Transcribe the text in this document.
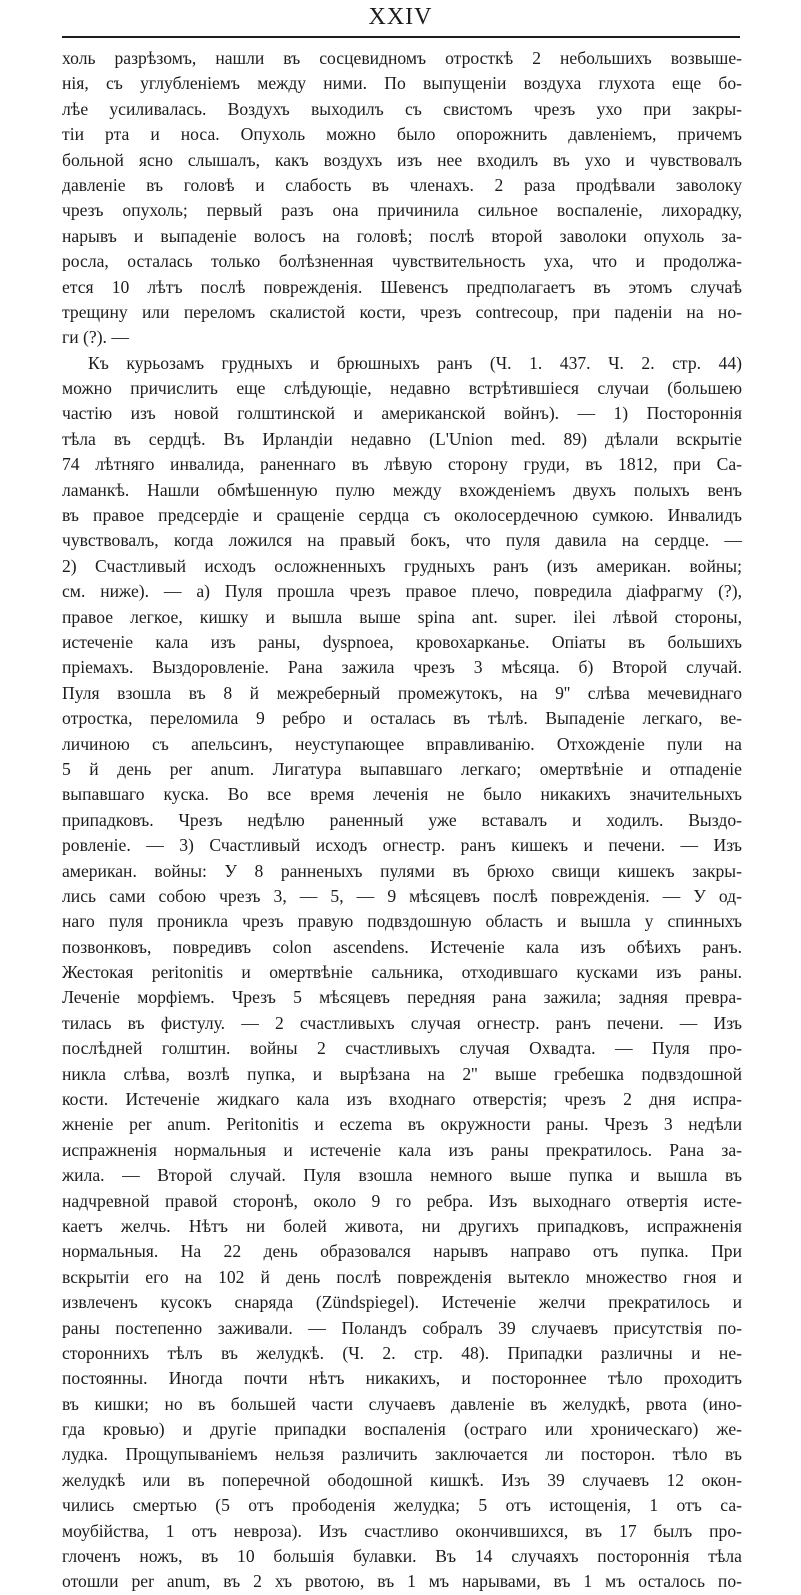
XXIV
холь разрѣзомъ, нашли въ сосцевидномъ отросткѣ 2 небольшихъ возвыше-
нія, съ углубленіемъ между ними. По выпущеніи воздуха глухота еще бо-
лѣе усиливалась. Воздухъ выходилъ съ свистомъ чрезъ ухо при закры-
тіи рта и носа. Опухоль можно было опорожнить давленіемъ, причемъ
больной ясно слышалъ, какъ воздухъ изъ нее входилъ въ ухо и чувствовалъ
давленіе въ головѣ и слабость въ членахъ. 2 раза продѣвали заволоку
чрезъ опухоль; первый разъ она причинила сильное воспаленіе, лихорадку,
нарывъ и выпаденіе волосъ на головѣ; послѣ второй заволоки опухоль за-
росла, осталась только болѣзненная чувствительность уха, что и продолжа-
ется 10 лѣтъ послѣ поврежденія. Шевенсъ предполагаетъ въ этомъ случаѣ
трещину или переломъ скалистой кости, чрезъ contrecoup, при паденіи на но-
ги (?). —
Къ курьозамъ грудныхъ и брюшныхъ ранъ (Ч. 1. 437. Ч. 2. стр. 44)
можно причислить еще слѣдующіе, недавно встрѣтившіеся случаи (большею
частію изъ новой голштинской и американской войнъ). — 1) Постороннія
тѣла въ сердцѣ. Въ Ирландіи недавно (L'Union med. 89) дѣлали вскрытіе
74 лѣтняго инвалида, раненнаго въ лѣвую сторону груди, въ 1812, при Са-
ламанкѣ. Нашли обмѣшенную пулю между вхожденіемъ двухъ полыхъ венъ
въ правое предсердіе и сращеніе сердца съ околосердечною сумкою. Инвалидъ
чувствовалъ, когда ложился на правый бокъ, что пуля давила на сердце. —
2) Счастливый исходъ осложненныхъ грудныхъ ранъ (изъ американ. войны;
см. ниже). — а) Пуля прошла чрезъ правое плечо, повредила діафрагму (?),
правое легкое, кишку и вышла выше spina ant. super. ilei лѣвой стороны,
истеченіе кала изъ раны, dyspnoea, кровохарканье. Опіаты въ большихъ
пріемахъ. Выздоровленіе. Рана зажила чрезъ 3 мѣсяца. б) Второй случай.
Пуля взошла въ 8 й межреберный промежутокъ, на 9'' слѣва мечевиднаго
отростка, переломила 9 ребро и осталась въ тѣлѣ. Выпаденіе легкаго, ве-
личиною съ апельсинъ, неуступающее вправливанію. Отхожденіе пули на
5 й день per anum. Лигатура выпавшаго легкаго; омертвѣніе и отпаденіе
выпавшаго куска. Во все время леченія не было никакихъ значительныхъ
припадковъ. Чрезъ недѣлю раненный уже вставалъ и ходилъ. Выздо-
ровленіе. — 3) Счастливый исходъ огнестр. ранъ кишекъ и печени. — Изъ
американ. войны: У 8 ранненыхъ пулями въ брюхо свищи кишекъ закры-
лись сами собою чрезъ 3, — 5, — 9 мѣсяцевъ послѣ поврежденія. — У од-
наго пуля проникла чрезъ правую подвздошную область и вышла у спинныхъ
позвонковъ, повредивъ colon ascendens. Истеченіе кала изъ обѣихъ ранъ.
Жестокая peritonitis и омертвѣніе сальника, отходившаго кусками изъ раны.
Леченіе морфіемъ. Чрезъ 5 мѣсяцевъ передняя рана зажила; задняя превра-
тилась въ фистулу. — 2 счастливыхъ случая огнестр. ранъ печени. — Изъ
послѣдней голштин. войны 2 счастливыхъ случая Охвадта. — Пуля про-
никла слѣва, возлѣ пупка, и вырѣзана на 2'' выше гребешка подвздошной
кости. Истеченіе жидкаго кала изъ входнаго отверстія; чрезъ 2 дня испра-
жненіе per anum. Peritonitis и eczema въ окружности раны. Чрезъ 3 недѣли
испражненія нормальныя и истеченіе кала изъ раны прекратилось. Рана за-
жила. — Второй случай. Пуля взошла немного выше пупка и вышла въ
надчревной правой сторонѣ, около 9 го ребра. Изъ выходнаго отвертія исте-
каетъ желчь. Нѣтъ ни болей живота, ни другихъ припадковъ, испражненія
нормальныя. На 22 день образовался нарывъ направо отъ пупка. При
вскрытіи его на 102 й день послѣ поврежденія вытекло множество гноя и
извлеченъ кусокъ снаряда (Zündspiegel). Истеченіе желчи прекратилось и
раны постепенно заживали. — Поландъ собралъ 39 случаевъ присутствія по-
стороннихъ тѣлъ въ желудкѣ. (Ч. 2. стр. 48). Припадки различны и не-
постоянны. Иногда почти нѣтъ никакихъ, и постороннее тѣло проходитъ
въ кишки; но въ большей части случаевъ давленіе въ желудкѣ, рвота (ино-
гда кровью) и другіе припадки воспаленія (остраго или хроническаго) же-
лудка. Прощупываніемъ нельзя различить заключается ли посторон. тѣло въ
желудкѣ или въ поперечной ободошной кишкѣ. Изъ 39 случаевъ 12 окон-
чились смертью (5 отъ прободенія желудка; 5 отъ истощенія, 1 отъ са-
моубійства, 1 отъ невроза). Изъ счастливо окончившихся, въ 17 былъ про-
глоченъ ножъ, въ 10 большія булавки. Въ 14 случаяхъ постороннія тѣла
отошли per anum, въ 2 хъ рвотою, въ 1 мъ нарывами, въ 1 мъ осталось по-
